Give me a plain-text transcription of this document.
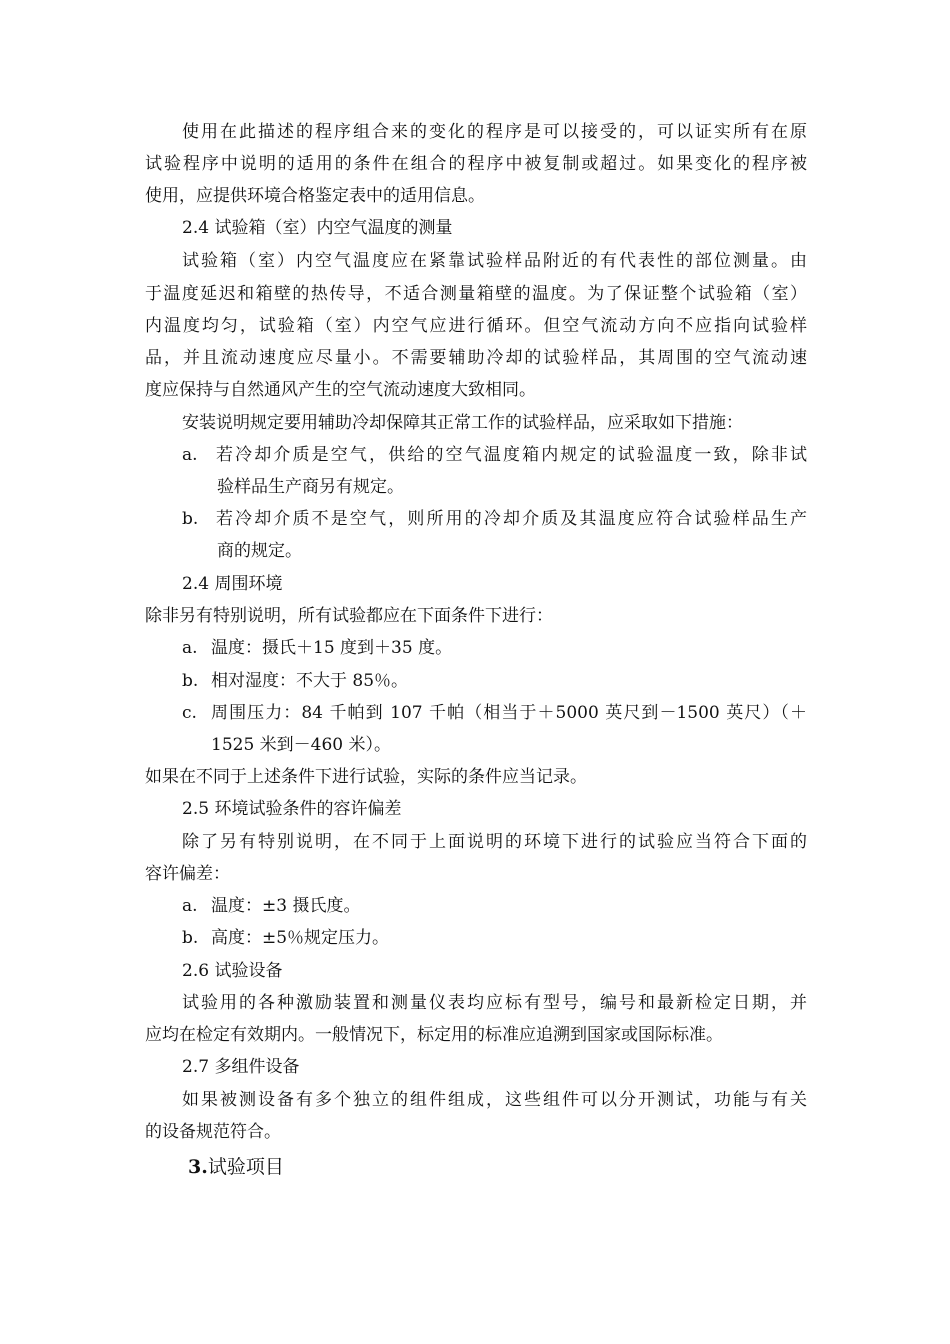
使用在此描述的程序组合来的变化的程序是可以接受的，可以证实所有在原
试验程序中说明的适用的条件在组合的程序中被复制或超过。如果变化的程序被
使用，应提供环境合格鉴定表中的适用信息。
2.4 试验箱（室）内空气温度的测量
试验箱（室）内空气温度应在紧靠试验样品附近的有代表性的部位测量。由
于温度延迟和箱壁的热传导，不适合测量箱壁的温度。为了保证整个试验箱（室）
内温度均匀，试验箱（室）内空气应进行循环。但空气流动方向不应指向试验样
品，并且流动速度应尽量小。不需要辅助冷却的试验样品，其周围的空气流动速
度应保持与自然通风产生的空气流动速度大致相同。
安装说明规定要用辅助冷却保障其正常工作的试验样品，应采取如下措施：
a. 若冷却介质是空气，供给的空气温度箱内规定的试验温度一致，除非试
验样品生产商另有规定。
b. 若冷却介质不是空气，则所用的冷却介质及其温度应符合试验样品生产
商的规定。
2.4 周围环境
除非另有特别说明，所有试验都应在下面条件下进行：
a. 温度：摄氏＋15 度到＋35 度。
b. 相对湿度：不大于 85％。
c. 周围压力：84 千帕到 107 千帕（相当于＋5000 英尺到－1500 英尺）（＋
1525 米到－460 米）。
如果在不同于上述条件下进行试验，实际的条件应当记录。
2.5 环境试验条件的容许偏差
除了另有特别说明，在不同于上面说明的环境下进行的试验应当符合下面的
容许偏差：
a. 温度：±3 摄氏度。
b. 高度：±5％规定压力。
2.6 试验设备
试验用的各种激励装置和测量仪表均应标有型号，编号和最新检定日期，并
应均在检定有效期内。一般情况下，标定用的标准应追溯到国家或国际标准。
2.7 多组件设备
如果被测设备有多个独立的组件组成，这些组件可以分开测试，功能与有关
的设备规范符合。
3.试验项目
